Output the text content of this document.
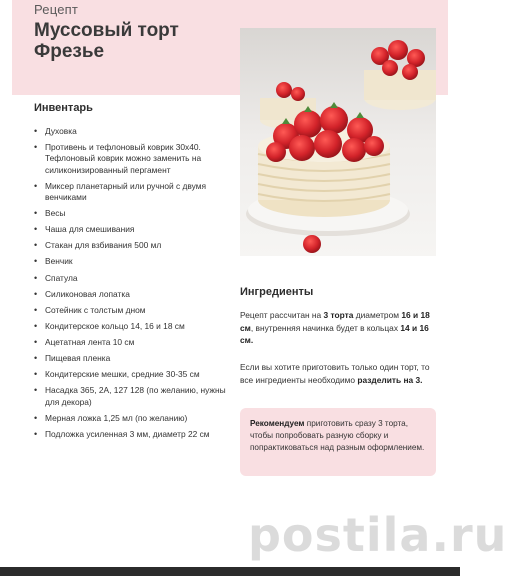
Рецепт
Муссовый торт Фрезье
Инвентарь
• Духовка
• Противень и тефлоновый коврик 30x40. Тефлоновый коврик можно заменить на силиконизированный пергамент
• Миксер планетарный или ручной с двумя венчиками
• Весы
• Чаша для смешивания
• Стакан для взбивания 500 мл
• Венчик
• Спатула
• Силиконовая лопатка
• Сотейник с толстым дном
• Кондитерское кольцо 14, 16 и 18 см
• Ацетатная лента 10 см
• Пищевая пленка
• Кондитерские мешки, средние 30-35 см
• Насадка 365, 2А, 127 128 (по желанию, нужны для декора)
• Мерная ложка 1,25 мл (по желанию)
• Подложка усиленная 3 мм, диаметр 22 см
Ингредиенты
Рецепт рассчитан на 3 торта диаметром 16 и 18 см, внутренняя начинка будет в кольцах 14 и 16 см.
Если вы хотите приготовить только один торт, то все ингредиенты необходимо разделить на 3.
Рекомендуем приготовить сразу 3 торта, чтобы попробовать разную сборку и попрактиковаться над разным оформлением.
postila.ru
